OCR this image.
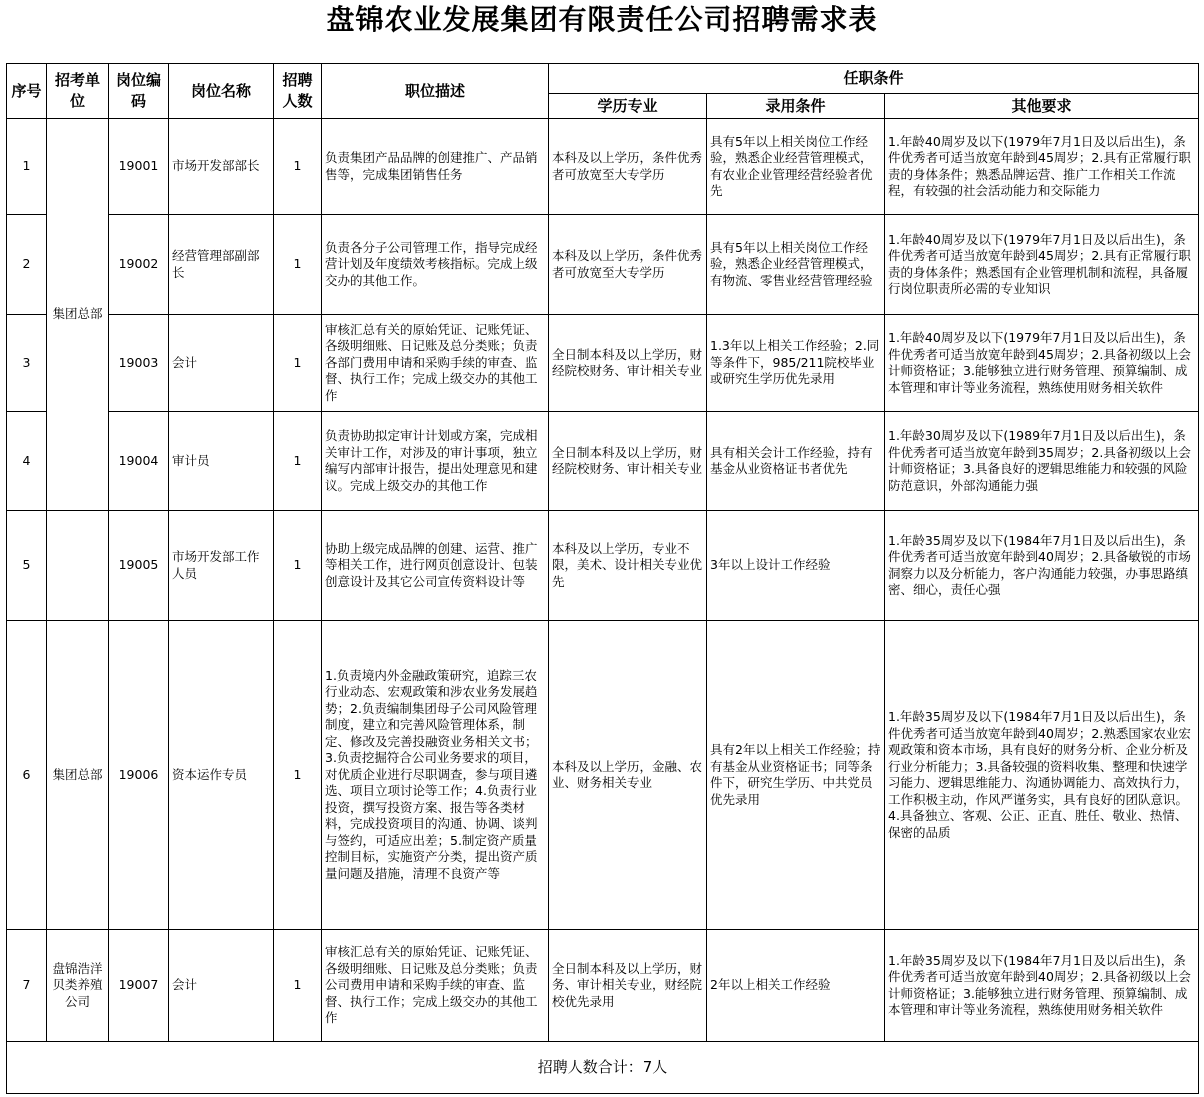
盘锦农业发展集团有限责任公司招聘需求表
序号	招考单位	岗位编码	岗位名称	招聘人数	职位描述	任职条件		
						学历专业	录用条件	其他要求
1	集团总部	19001	市场开发部部长	1	负责集团产品品牌的创建推广、产品销售等，完成集团销售任务	本科及以上学历，条件优秀者可放宽至大专学历	具有5年以上相关岗位工作经验，熟悉企业经营管理模式，有农业企业管理经营经验者优先	1.年龄40周岁及以下(1979年7月1日及以后出生)，条件优秀者可适当放宽年龄到45周岁；2.具有正常履行职责的身体条件；熟悉品牌运营、推广工作相关工作流程，有较强的社会活动能力和交际能力
2		19002	经营管理部副部长	1	负责各分子公司管理工作，指导完成经营计划及年度绩效考核指标。完成上级交办的其他工作。	本科及以上学历，条件优秀者可放宽至大专学历	具有5年以上相关岗位工作经验，熟悉企业经营管理模式，有物流、零售业经营管理经验	1.年龄40周岁及以下(1979年7月1日及以后出生)，条件优秀者可适当放宽年龄到45周岁；2.具有正常履行职责的身体条件；熟悉国有企业管理机制和流程，具备履行岗位职责所必需的专业知识
3		19003	会计	1	审核汇总有关的原始凭证、记账凭证、各级明细账、日记账及总分类账；负责各部门费用申请和采购手续的审查、监督、执行工作；完成上级交办的其他工作	全日制本科及以上学历，财经院校财务、审计相关专业	1.3年以上相关工作经验；2.同等条件下，985/211院校毕业或研究生学历优先录用	1.年龄40周岁及以下(1979年7月1日及以后出生)，条件优秀者可适当放宽年龄到45周岁；2.具备初级以上会计师资格证；3.能够独立进行财务管理、预算编制、成本管理和审计等业务流程，熟练使用财务相关软件
4		19004	审计员	1	负责协助拟定审计计划或方案，完成相关审计工作，对涉及的审计事项，独立编写内部审计报告，提出处理意见和建议。完成上级交办的其他工作	全日制本科及以上学历，财经院校财务、审计相关专业	具有相关会计工作经验，持有基金从业资格证书者优先	1.年龄30周岁及以下(1989年7月1日及以后出生)，条件优秀者可适当放宽年龄到35周岁；2.具备初级以上会计师资格证；3.具备良好的逻辑思维能力和较强的风险防范意识，外部沟通能力强
5		19005	市场开发部工作人员	1	协助上级完成品牌的创建、运营、推广等相关工作，进行网页创意设计、包装创意设计及其它公司宣传资料设计等	本科及以上学历，专业不限，美术、设计相关专业优先	3年以上设计工作经验	1.年龄35周岁及以下(1984年7月1日及以后出生)，条件优秀者可适当放宽年龄到40周岁；2.具备敏锐的市场洞察力以及分析能力，客户沟通能力较强，办事思路缜密、细心，责任心强
6	集团总部	19006	资本运作专员	1	1.负责境内外金融政策研究，追踪三农行业动态、宏观政策和涉农业务发展趋势；2.负责编制集团母子公司风险管理制度，建立和完善风险管理体系，制定、修改及完善投融资业务相关文书；3.负责挖掘符合公司业务要求的项目，对优质企业进行尽职调查，参与项目遴选、项目立项讨论等工作；4.负责行业投资，撰写投资方案、报告等各类材料，完成投资项目的沟通、协调、谈判与签约，可适应出差；5.制定资产质量控制目标，实施资产分类，提出资产质量问题及措施，清理不良资产等	本科及以上学历，金融、农业、财务相关专业	具有2年以上相关工作经验；持有基金从业资格证书；同等条件下，研究生学历、中共党员优先录用	1.年龄35周岁及以下(1984年7月1日及以后出生)，条件优秀者可适当放宽年龄到40周岁；2.熟悉国家农业宏观政策和资本市场，具有良好的财务分析、企业分析及行业分析能力；3.具备较强的资料收集、整理和快速学习能力、逻辑思维能力、沟通协调能力、高效执行力，工作积极主动，作风严谨务实，具有良好的团队意识。4.具备独立、客观、公正、正直、胜任、敬业、热情、保密的品质
7	盘锦浩洋贝类养殖公司	19007	会计	1	审核汇总有关的原始凭证、记账凭证、各级明细账、日记账及总分类账；负责公司费用申请和采购手续的审查、监督、执行工作；完成上级交办的其他工作	全日制本科及以上学历，财务、审计相关专业，财经院校优先录用	2年以上相关工作经验	1.年龄35周岁及以下(1984年7月1日及以后出生)，条件优秀者可适当放宽年龄到40周岁；2.具备初级以上会计师资格证；3.能够独立进行财务管理、预算编制、成本管理和审计等业务流程，熟练使用财务相关软件
招聘人数合计：7人								
